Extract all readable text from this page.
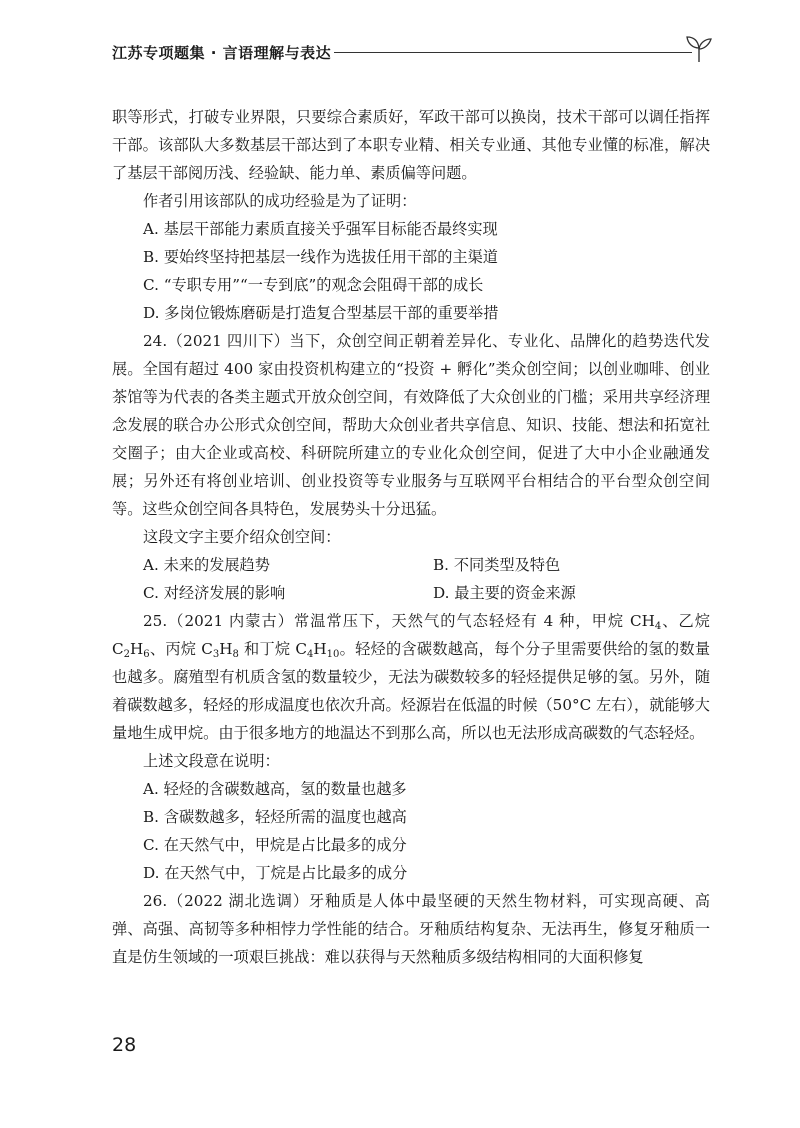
江苏专项题集 · 言语理解与表达

职等形式，打破专业界限，只要综合素质好，军政干部可以换岗，技术干部可以调任指挥干部。该部队大多数基层干部达到了本职专业精、相关专业通、其他专业懂的标准，解决了基层干部阅历浅、经验缺、能力单、素质偏等问题。

作者引用该部队的成功经验是为了证明：

A. 基层干部能力素质直接关乎强军目标能否最终实现

B. 要始终坚持把基层一线作为选拔任用干部的主渠道

C. “专职专用”“一专到底”的观念会阻碍干部的成长

D. 多岗位锻炼磨砺是打造复合型基层干部的重要举措

24.（2021 四川下）当下，众创空间正朝着差异化、专业化、品牌化的趋势迭代发展。全国有超过 400 家由投资机构建立的“投资 + 孵化”类众创空间；以创业咖啡、创业茶馆等为代表的各类主题式开放众创空间，有效降低了大众创业的门槛；采用共享经济理念发展的联合办公形式众创空间，帮助大众创业者共享信息、知识、技能、想法和拓宽社交圈子；由大企业或高校、科研院所建立的专业化众创空间，促进了大中小企业融通发展；另外还有将创业培训、创业投资等专业服务与互联网平台相结合的平台型众创空间等。这些众创空间各具特色，发展势头十分迅猛。

这段文字主要介绍众创空间：

A. 未来的发展趋势	B. 不同类型及特色
C. 对经济发展的影响	D. 最主要的资金来源

25.（2021 内蒙古）常温常压下，天然气的气态轻烃有 4 种，甲烷 $CH_4$、乙烷 $C_2H_6$、丙烷 $C_3H_8$ 和丁烷 $C_4H_{10}$。轻烃的含碳数越高，每个分子里需要供给的氢的数量也越多。腐殖型有机质含氢的数量较少，无法为碳数较多的轻烃提供足够的氢。另外，随着碳数越多，轻烃的形成温度也依次升高。烃源岩在低温的时候（50°C 左右），就能够大量地生成甲烷。由于很多地方的地温达不到那么高，所以也无法形成高碳数的气态轻烃。

上述文段意在说明：

A. 轻烃的含碳数越高，氢的数量也越多

B. 含碳数越多，轻烃所需的温度也越高

C. 在天然气中，甲烷是占比最多的成分

D. 在天然气中，丁烷是占比最多的成分

26.（2022 湖北选调）牙釉质是人体中最坚硬的天然生物材料，可实现高硬、高弹、高强、高韧等多种相悖力学性能的结合。牙釉质结构复杂、无法再生，修复牙釉质一直是仿生领域的一项艰巨挑战：难以获得与天然釉质多级结构相同的大面积修复

28
